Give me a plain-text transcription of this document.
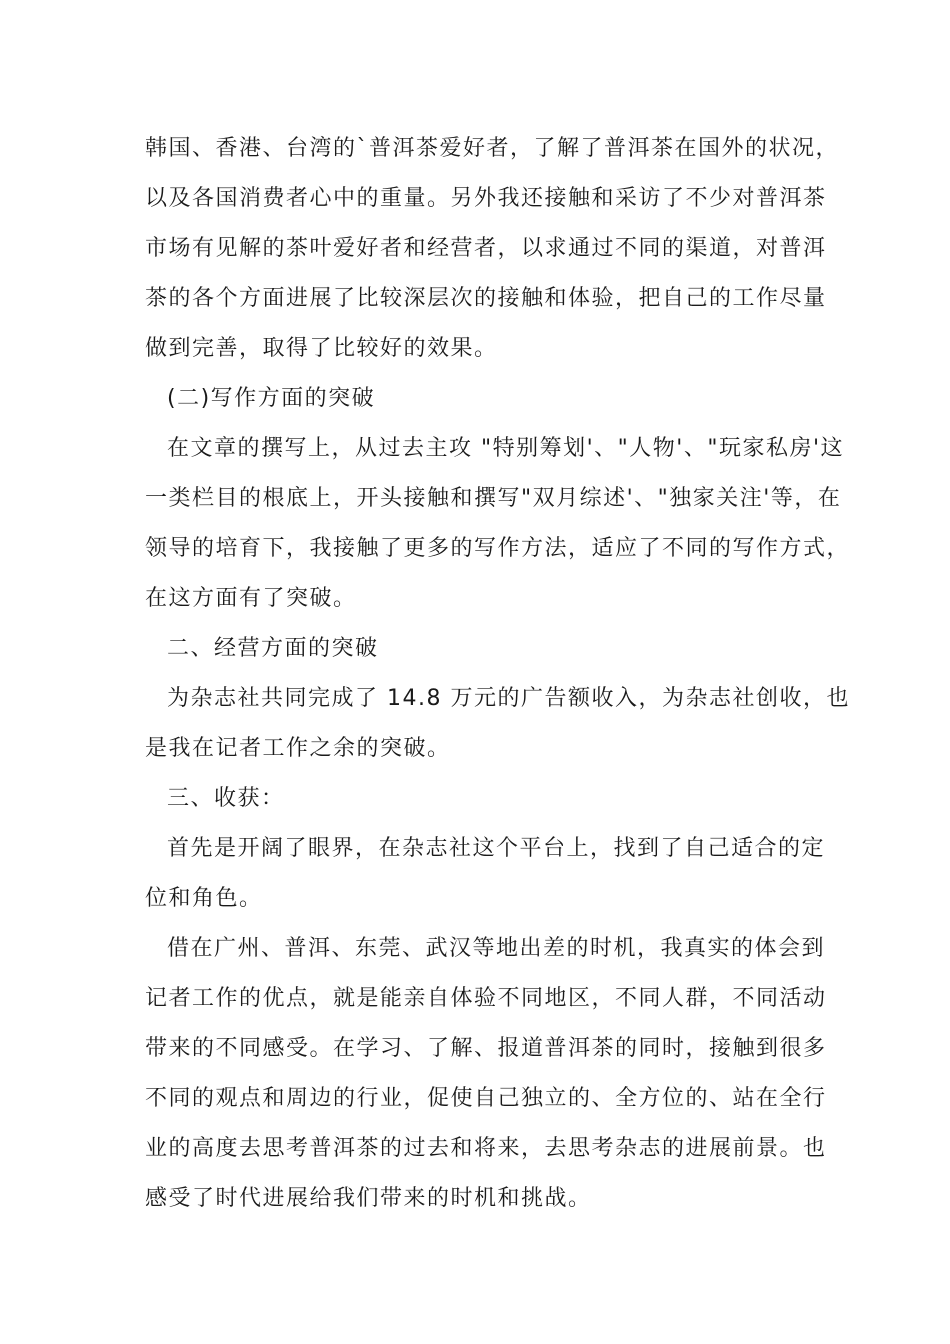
韩国、香港、台湾的`普洱茶爱好者，了解了普洱茶在国外的状况，
以及各国消费者心中的重量。另外我还接触和采访了不少对普洱茶
市场有见解的茶叶爱好者和经营者，以求通过不同的渠道，对普洱
茶的各个方面进展了比较深层次的接触和体验，把自己的工作尽量
做到完善，取得了比较好的效果。
(二)写作方面的突破
在文章的撰写上，从过去主攻 "特别筹划'、"人物'、"玩家私房'这
一类栏目的根底上，开头接触和撰写"双月综述'、"独家关注'等，在
领导的培育下，我接触了更多的写作方法，适应了不同的写作方式，
在这方面有了突破。
二、经营方面的突破
为杂志社共同完成了 14.8 万元的广告额收入，为杂志社创收，也
是我在记者工作之余的突破。
三、收获：
首先是开阔了眼界，在杂志社这个平台上，找到了自己适合的定
位和角色。
借在广州、普洱、东莞、武汉等地出差的时机，我真实的体会到
记者工作的优点，就是能亲自体验不同地区，不同人群，不同活动
带来的不同感受。在学习、了解、报道普洱茶的同时，接触到很多
不同的观点和周边的行业，促使自己独立的、全方位的、站在全行
业的高度去思考普洱茶的过去和将来，去思考杂志的进展前景。也
感受了时代进展给我们带来的时机和挑战。
